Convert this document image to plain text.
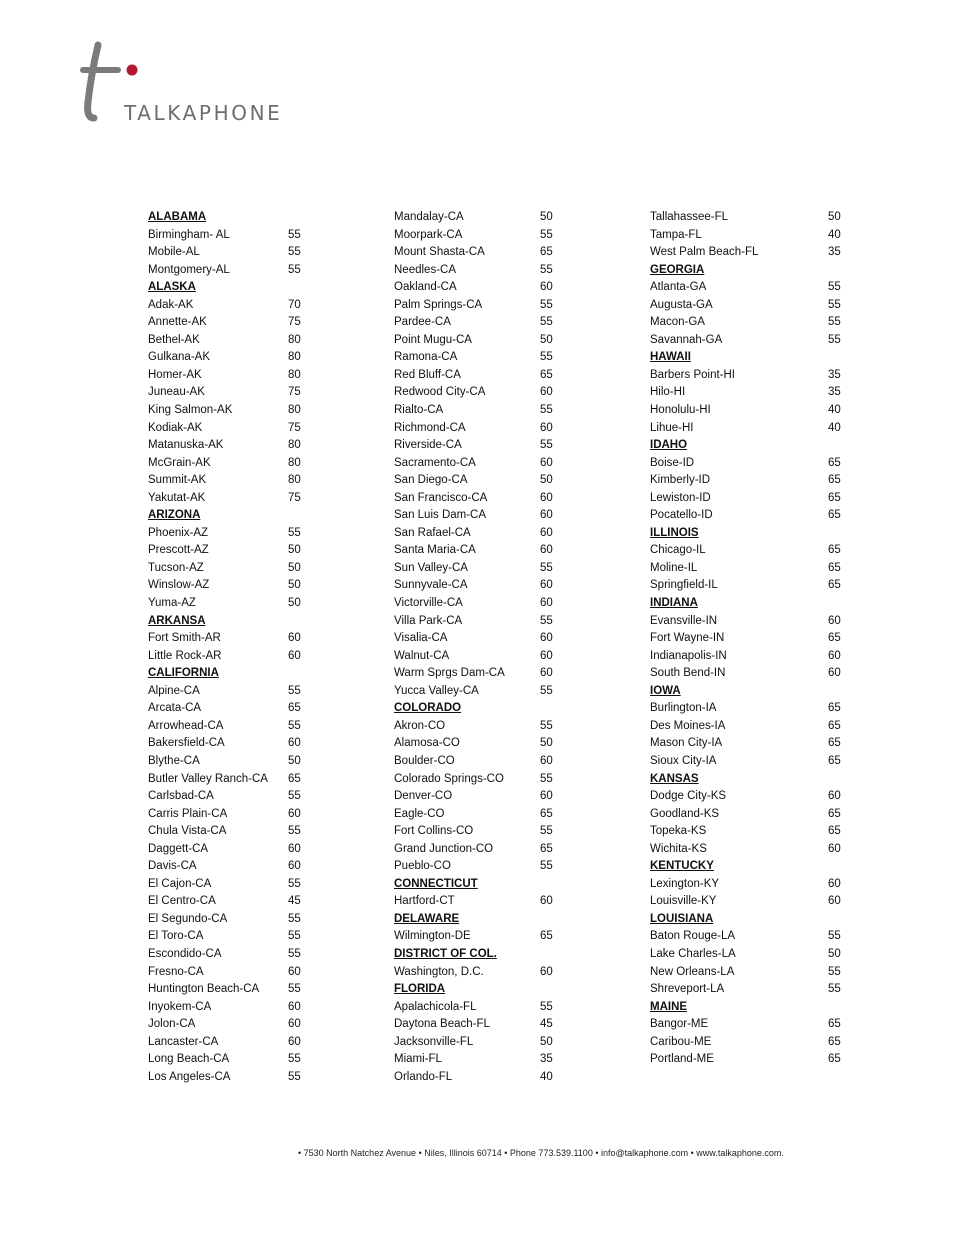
TALKAPHONE
ALABAMA
Birmingham- AL	55
Mobile-AL	55
Montgomery-AL	55
ALASKA
Adak-AK	70
Annette-AK	75
Bethel-AK	80
Gulkana-AK	80
Homer-AK	80
Juneau-AK	75
King Salmon-AK	80
Kodiak-AK	75
Matanuska-AK	80
McGrain-AK	80
Summit-AK	80
Yakutat-AK	75
ARIZONA
Phoenix-AZ	55
Prescott-AZ	50
Tucson-AZ	50
Winslow-AZ	50
Yuma-AZ	50
ARKANSA
Fort Smith-AR	60
Little Rock-AR	60
CALIFORNIA
Alpine-CA	55
Arcata-CA	65
Arrowhead-CA	55
Bakersfield-CA	60
Blythe-CA	50
Butler Valley Ranch-CA 65
Carlsbad-CA	55
Carris Plain-CA	60
Chula Vista-CA	55
Daggett-CA	60
Davis-CA	60
El Cajon-CA	55
El Centro-CA	45
El Segundo-CA	55
El Toro-CA	55
Escondido-CA	55
Fresno-CA	60
Huntington Beach-CA	55
Inyokem-CA	60
Jolon-CA	60
Lancaster-CA	60
Long Beach-CA	55
Los Angeles-CA	55
Mandalay-CA	50
Moorpark-CA	55
Mount Shasta-CA	65
Needles-CA	55
Oakland-CA	60
Palm Springs-CA	55
Pardee-CA	55
Point Mugu-CA	50
Ramona-CA	55
Red Bluff-CA	65
Redwood City-CA	60
Rialto-CA	55
Richmond-CA	60
Riverside-CA	55
Sacramento-CA	60
San Diego-CA	50
San Francisco-CA	60
San Luis Dam-CA	60
San Rafael-CA	60
Santa Maria-CA	60
Sun Valley-CA	55
Sunnyvale-CA	60
Victorville-CA	60
Villa Park-CA	55
Visalia-CA	60
Walnut-CA	60
Warm Sprgs Dam-CA	60
Yucca Valley-CA	55
COLORADO
Akron-CO	55
Alamosa-CO	50
Boulder-CO	60
Colorado Springs-CO	55
Denver-CO	60
Eagle-CO	65
Fort Collins-CO	55
Grand Junction-CO	65
Pueblo-CO	55
CONNECTICUT
Hartford-CT	60
DELAWARE
Wilmington-DE	65
DISTRICT OF COL.
Washington, D.C.	60
FLORIDA
Apalachicola-FL	55
Daytona Beach-FL	45
Jacksonville-FL	50
Miami-FL	35
Orlando-FL	40
Tallahassee-FL	50
Tampa-FL	40
West Palm Beach-FL	35
GEORGIA
Atlanta-GA	55
Augusta-GA	55
Macon-GA	55
Savannah-GA	55
HAWAII
Barbers Point-HI	35
Hilo-HI	35
Honolulu-HI	40
Lihue-HI	40
IDAHO
Boise-ID	65
Kimberly-ID	65
Lewiston-ID	65
Pocatello-ID	65
ILLINOIS
Chicago-IL	65
Moline-IL	65
Springfield-IL	65
INDIANA
Evansville-IN	60
Fort Wayne-IN	65
Indianapolis-IN	60
South Bend-IN	60
IOWA
Burlington-IA	65
Des Moines-IA	65
Mason City-IA	65
Sioux City-IA	65
KANSAS
Dodge City-KS	60
Goodland-KS	65
Topeka-KS	65
Wichita-KS	60
KENTUCKY
Lexington-KY	60
Louisville-KY	60
LOUISIANA
Baton Rouge-LA	55
Lake Charles-LA	50
New Orleans-LA	55
Shreveport-LA	55
MAINE
Bangor-ME	65
Caribou-ME	65
Portland-ME	65
• 7530 North Natchez Avenue • Niles, Illinois 60714 • Phone 773.539.1100 • info@talkaphone.com • www.talkaphone.com.
